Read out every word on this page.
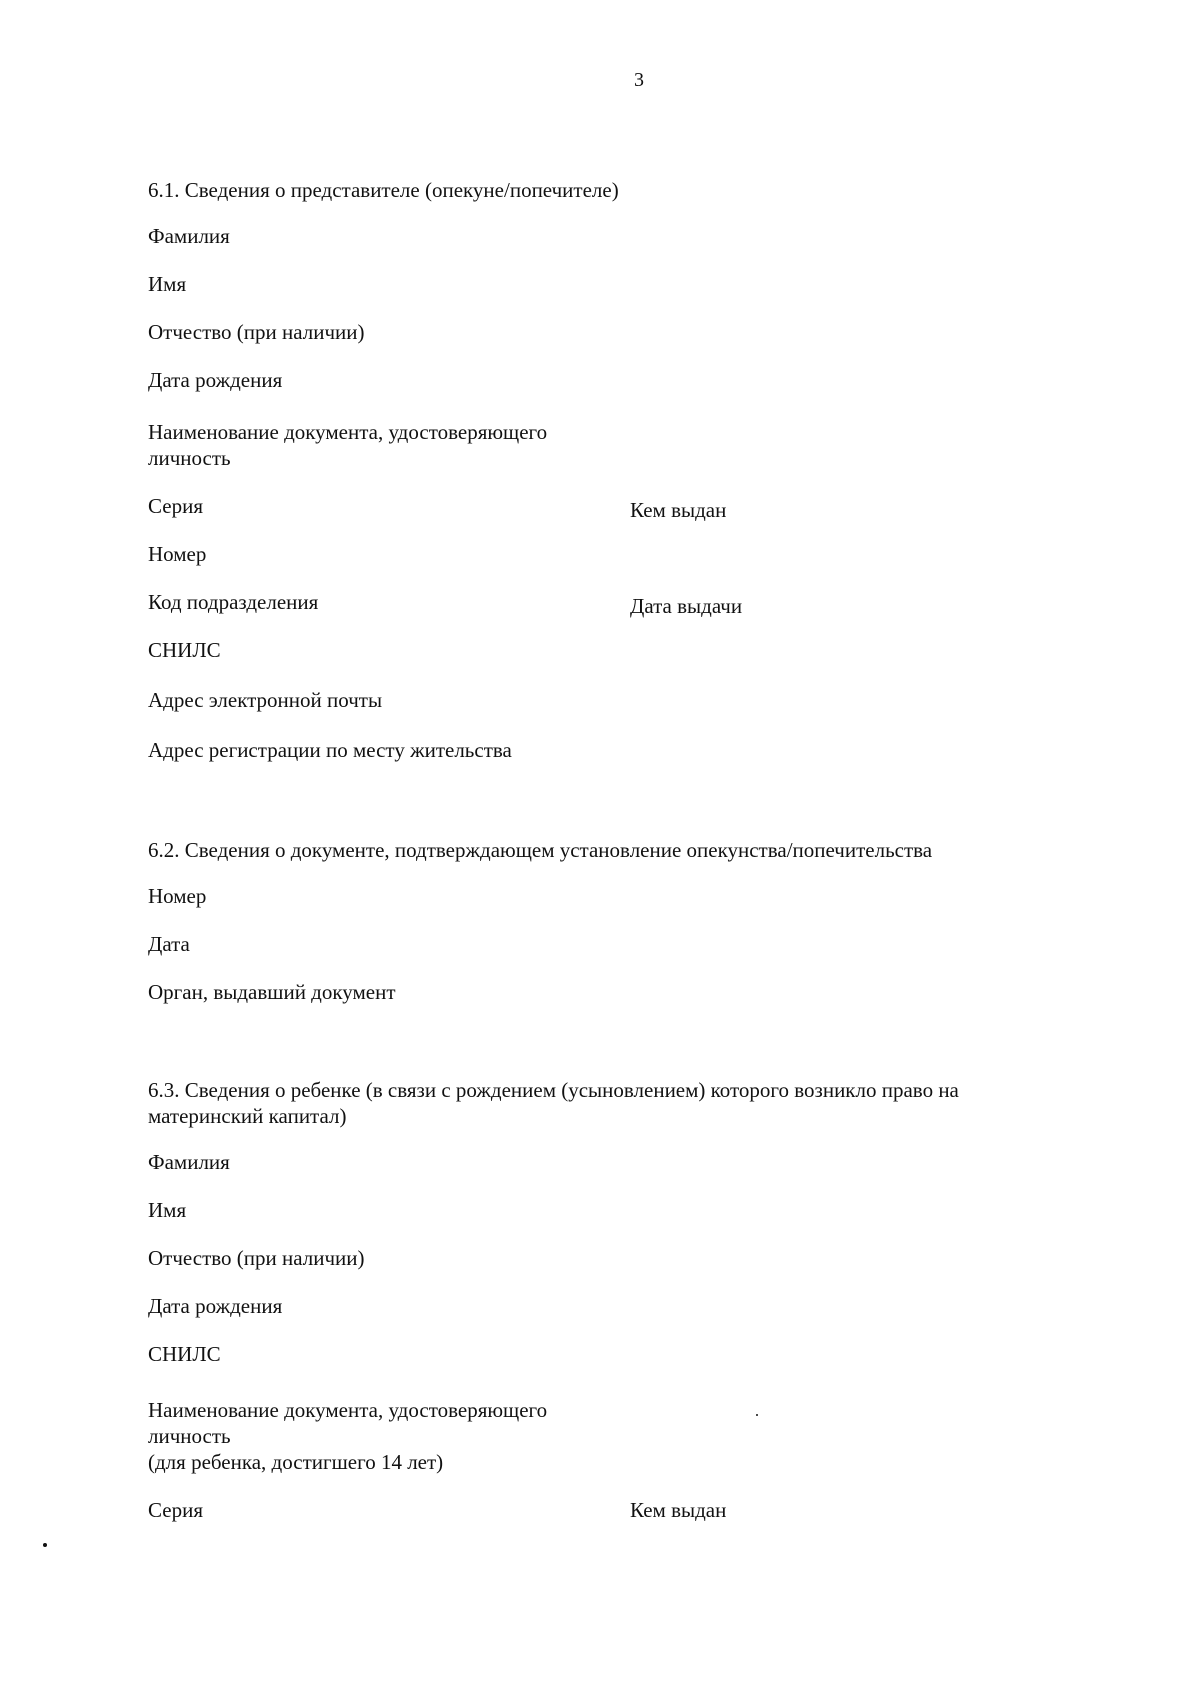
3
6.1. Сведения о представителе (опекуне/попечителе)
Фамилия
Имя
Отчество (при наличии)
Дата рождения
Наименование документа, удостоверяющего
личность
Серия	Кем выдан
Номер
Код подразделения	Дата выдачи
СНИЛС
Адрес электронной почты
Адрес регистрации по месту жительства
6.2. Сведения о документе, подтверждающем установление опекунства/попечительства
Номер
Дата
Орган, выдавший документ
6.3. Сведения о ребенке (в связи с рождением (усыновлением) которого возникло право на
материнский капитал)
Фамилия
Имя
Отчество (при наличии)
Дата рождения
СНИЛС
Наименование документа, удостоверяющего
личность
(для ребенка, достигшего 14 лет)
Серия	Кем выдан
